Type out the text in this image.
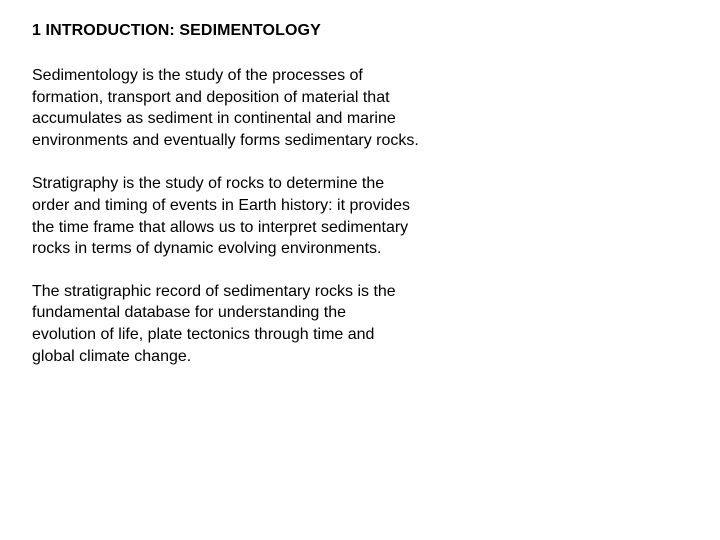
1 INTRODUCTION: SEDIMENTOLOGY

Sedimentology is the study of the processes of
formation, transport and deposition of material that
accumulates as sediment in continental and marine
environments and eventually forms sedimentary rocks.

Stratigraphy is the study of rocks to determine the
order and timing of events in Earth history: it provides
the time frame that allows us to interpret sedimentary
rocks in terms of dynamic evolving environments.

The stratigraphic record of sedimentary rocks is the
fundamental database for understanding the
evolution of life, plate tectonics through time and
global climate change.
